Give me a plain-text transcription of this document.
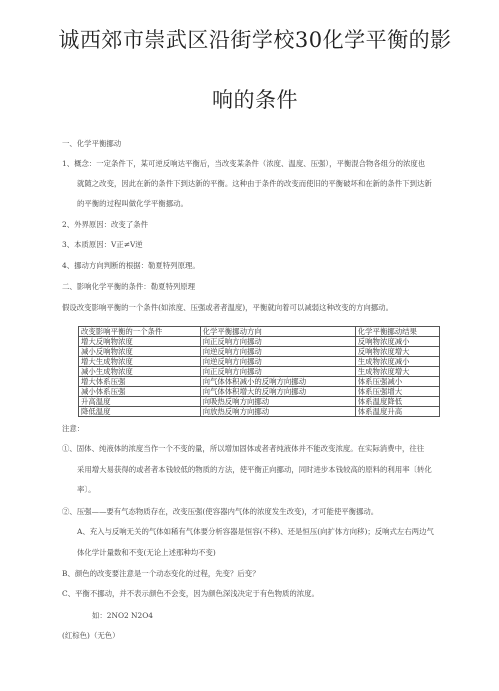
诚西郊市崇武区沿街学校30化学平衡的影
响的条件
一、化学平衡挪动
1、概念：一定条件下，某可逆反响达平衡后，当改变某条件（浓度、温度、压强），平衡混合物各组分的浓度也
就随之改变，因此在新的条件下到达新的平衡。这种由于条件的改变而使旧的平衡破坏和在新的条件下到达新
的平衡的过程叫做化学平衡挪动。
2、外界原因：改变了条件
3、本质原因：V正≠V逆
4、挪动方向判断的根据：勒夏特列原理。
二、影响化学平衡的条件：勒夏特列原理
假设改变影响平衡的一个条件(如浓度、压强或者者温度)，平衡就向着可以减弱这种改变的方向挪动。
改变影响平衡的一个条件	化学平衡挪动方向	化学平衡挪动结果
增大反响物浓度	向正反响方向挪动	反响物浓度减小
减小反响物浓度	向逆反响方向挪动	反响物浓度增大
增大生成物浓度	向逆反响方向挪动	生成物浓度减小
减小生成物浓度	向正反响方向挪动	生成物浓度增大
增大体系压强	向气体体积减小的反响方向挪动	体系压强减小
减小体系压强	向气体体积增大的反响方向挪动	体系压强增大
升高温度	向吸热反响方向挪动	体系温度降低
降低温度	向放热反响方向挪动	体系温度升高
注意：
①、固体、纯液体的浓度当作一个不变的量，所以增加固体或者者纯液体并不能改变浓度。在实际消费中，往往
采用增大易获得的或者者本钱较低的物质的方法，使平衡正向挪动，同时进步本钱较高的原料的利用率〔转化
率〕。
②、压强——要有气态物质存在，改变压强(使容器内气体的浓度发生改变)，才可能使平衡挪动。
A、充入与反响无关的气体如稀有气体要分析容器是恒容(不移)、还是恒压(向扩体方向移)；反响式左右两边气
体化学计量数和不变(无论上述那种均不变)
B、颜色的改变要注意是一个动态变化的过程，先变？后变？
C、平衡不挪动，并不表示颜色不会变，因为颜色深浅决定于有色物质的浓度。
如：2NO2 N2O4
(红棕色)（无色）
